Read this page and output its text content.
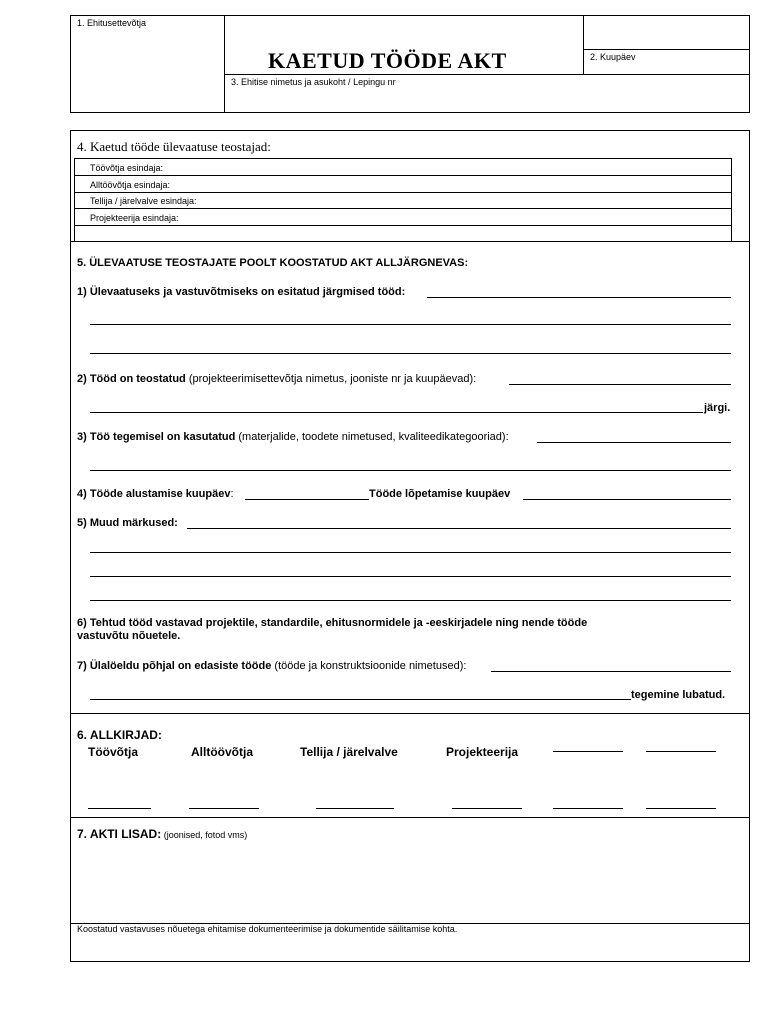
1. Ehitusettevõtja
KAETUD TÖÖDE AKT	2. Kuupäev
3. Ehitise nimetus ja asukoht / Lepingu nr
4. Kaetud tööde ülevaatuse teostajad:
Töövõtja esindaja:
Alltöövõtja esindaja:
Tellija / järelvalve esindaja:
Projekteerija esindaja:
5. ÜLEVAATUSE TEOSTAJATE POOLT KOOSTATUD AKT ALLJÄRGNEVAS:
1) Ülevaatuseks ja vastuvõtmiseks on esitatud järgmised tööd:
2) Tööd on teostatud (projekteerimisettevõtja nimetus, jooniste nr ja kuupäevad):
järgi.
3) Töö tegemisel on kasutatud (materjalide, toodete nimetused, kvaliteedikategooriad):
4) Tööde alustamise kuupäev:	Tööde lõpetamise kuupäev
5) Muud märkused:
6) Tehtud tööd vastavad projektile, standardile, ehitusnormidele ja -eeskirjadele ning nende tööde
vastuvõtu nõuetele.
7) Ülalöeldu põhjal on edasiste tööde (tööde ja konstruktsioonide nimetused):
tegemine lubatud.
6. ALLKIRJAD:
Töövõtja	Alltöövõtja	Tellija / järelvalve	Projekteerija
7. AKTI LISAD: (joonised, fotod vms)
Koostatud vastavuses nõuetega ehitamise dokumenteerimise ja dokumentide säilitamise kohta.
